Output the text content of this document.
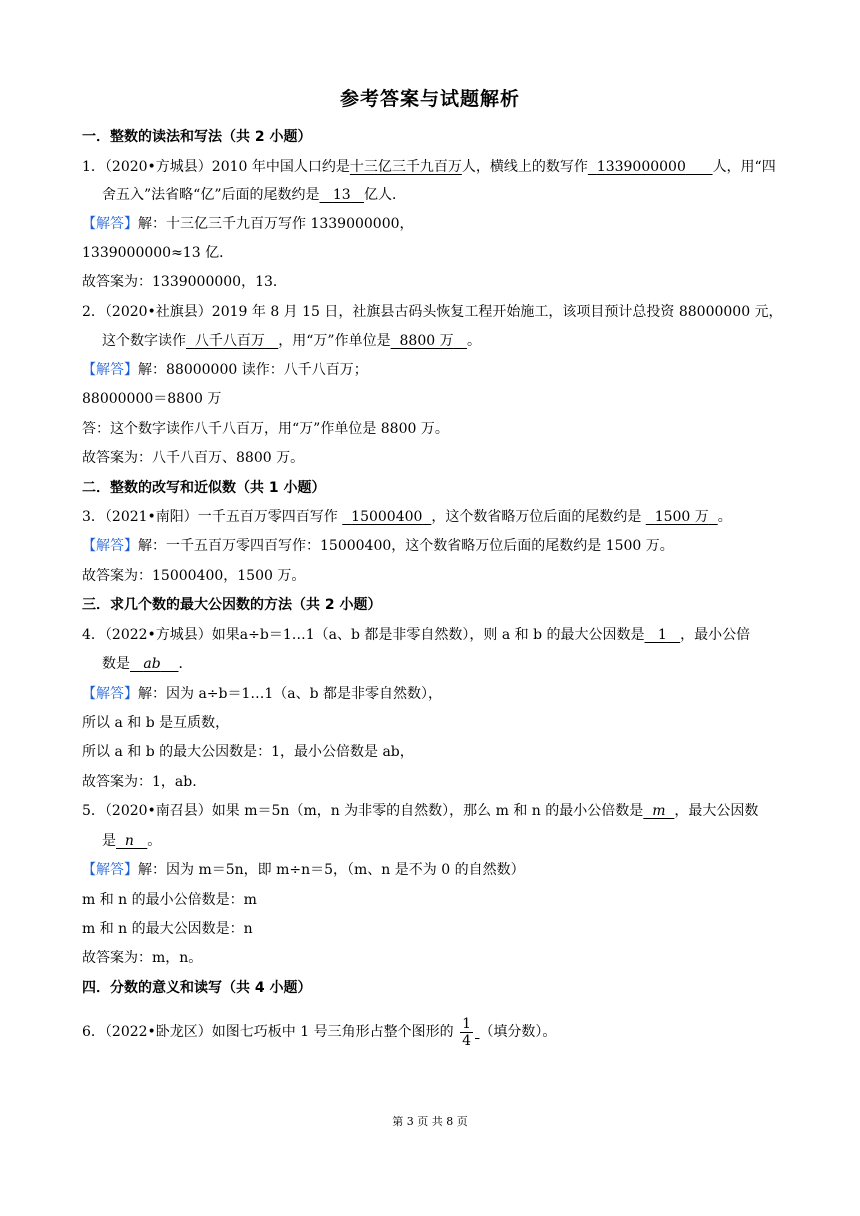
参考答案与试题解析
一．整数的读法和写法（共 2 小题）
1．（2020•方城县）2010 年中国人口约是十三亿三千九百万人，横线上的数写作 1339000000 人，用“四
舍五入”法省略“亿”后面的尾数约是 13 亿人．
【解答】解：十三亿三千九百万写作 1339000000，
1339000000≈13 亿．
故答案为：1339000000，13．
2．（2020•社旗县）2019 年 8 月 15 日，社旗县古码头恢复工程开始施工，该项目预计总投资 88000000 元，
这个数字读作 八千八百万 ，用“万”作单位是 8800 万 。
【解答】解：88000000 读作：八千八百万；
88000000＝8800 万
答：这个数字读作八千八百万，用“万”作单位是 8800 万。
故答案为：八千八百万、8800 万。
二．整数的改写和近似数（共 1 小题）
3．（2021•南阳）一千五百万零四百写作 15000400 ，这个数省略万位后面的尾数约是 1500 万 。
【解答】解：一千五百万零四百写作：15000400，这个数省略万位后面的尾数约是 1500 万。
故答案为：15000400，1500 万。
三．求几个数的最大公因数的方法（共 2 小题）
4．（2022•方城县）如果a÷b＝1…1（a、b 都是非零自然数），则 a 和 b 的最大公因数是 1 ，最小公倍
数是 ab ．
【解答】解：因为 a÷b＝1…1（a、b 都是非零自然数），
所以 a 和 b 是互质数，
所以 a 和 b 的最大公因数是：1，最小公倍数是 ab，
故答案为：1，ab.
5．（2020•南召县）如果 m＝5n（m，n 为非零的自然数），那么 m 和 n 的最小公倍数是 m ，最大公因数
是 n 。
【解答】解：因为 m＝5n，即 m÷n＝5，（m、n 是不为 0 的自然数）
m 和 n 的最小公倍数是：m
m 和 n 的最大公因数是：n
故答案为：m，n。
四．分数的意义和读写（共 4 小题）
6．（2022•卧龙区）如图七巧板中 1 号三角形占整个图形的 $\frac{1}{4}$ （填分数）。
第 3 页 共 8 页
